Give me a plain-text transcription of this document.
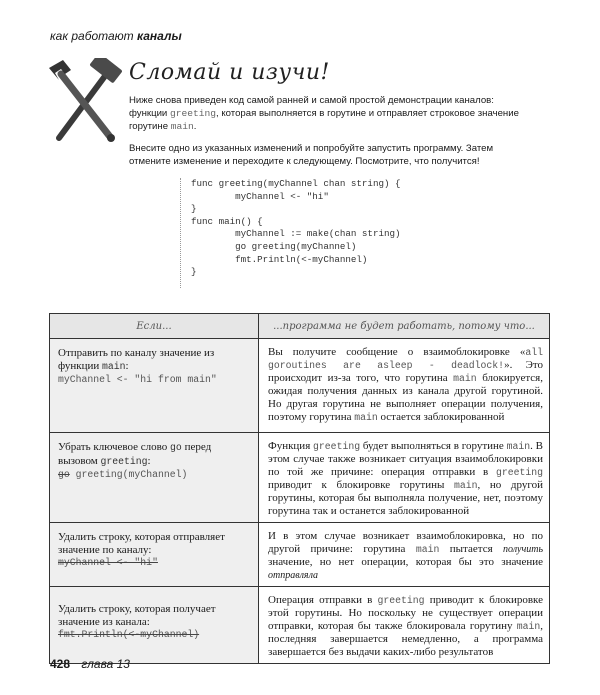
как работают каналы
Сломай и изучи!

Ниже снова приведен код самой ранней и самой простой демонстрации каналов: функции greeting, которая выполняется в горутине и отправляет строковое значение горутине main.

Внесите одно из указанных изменений и попробуйте запустить программу. Затем отмените изменение и переходите к следующему. Посмотрите, что получится!

func greeting(myChannel chan string) {
myChannel <- "hi"
}
func main() {
myChannel := make(chan string)
go greeting(myChannel)
fmt.Println(<-myChannel)
}
Если...	...программа не будет работать, потому что...
Отправить по каналу значение из функции main:
myChannel <- "hi from main"	Вы получите сообщение о взаимоблокировке «all goroutines are asleep - deadlock!». Это происходит из-за того, что горутина main блокируется, ожидая получения данных из канала другой горутиной. Но другая горутина не выполняет операции получения, поэтому горутина main остается заблокированной
Убрать ключевое слово go перед вызовом greeting:
go greeting(myChannel)	Функция greeting будет выполняться в горутине main. В этом случае также возникает ситуация взаимоблокировки по той же причине: операция отправки в greeting приводит к блокировке горутины main, но другой горутины, которая бы выполняла получение, нет, поэтому горутина так и останется заблокированной
Удалить строку, которая отправляет значение по каналу:
myChannel <- "hi"	И в этом случае возникает взаимоблокировка, но по другой причине: горутина main пытается получить значение, но нет операции, которая бы это значение отправляла
Удалить строку, которая получает значение из канала:
fmt.Println(<-myChannel)	Операция отправки в greeting приводит к блокировке этой горутины. Но поскольку не существует операции отправки, которая бы также блокировала горутину main, последняя завершается немедленно, а программа завершается без выдачи каких-либо результатов
428 глава 13
